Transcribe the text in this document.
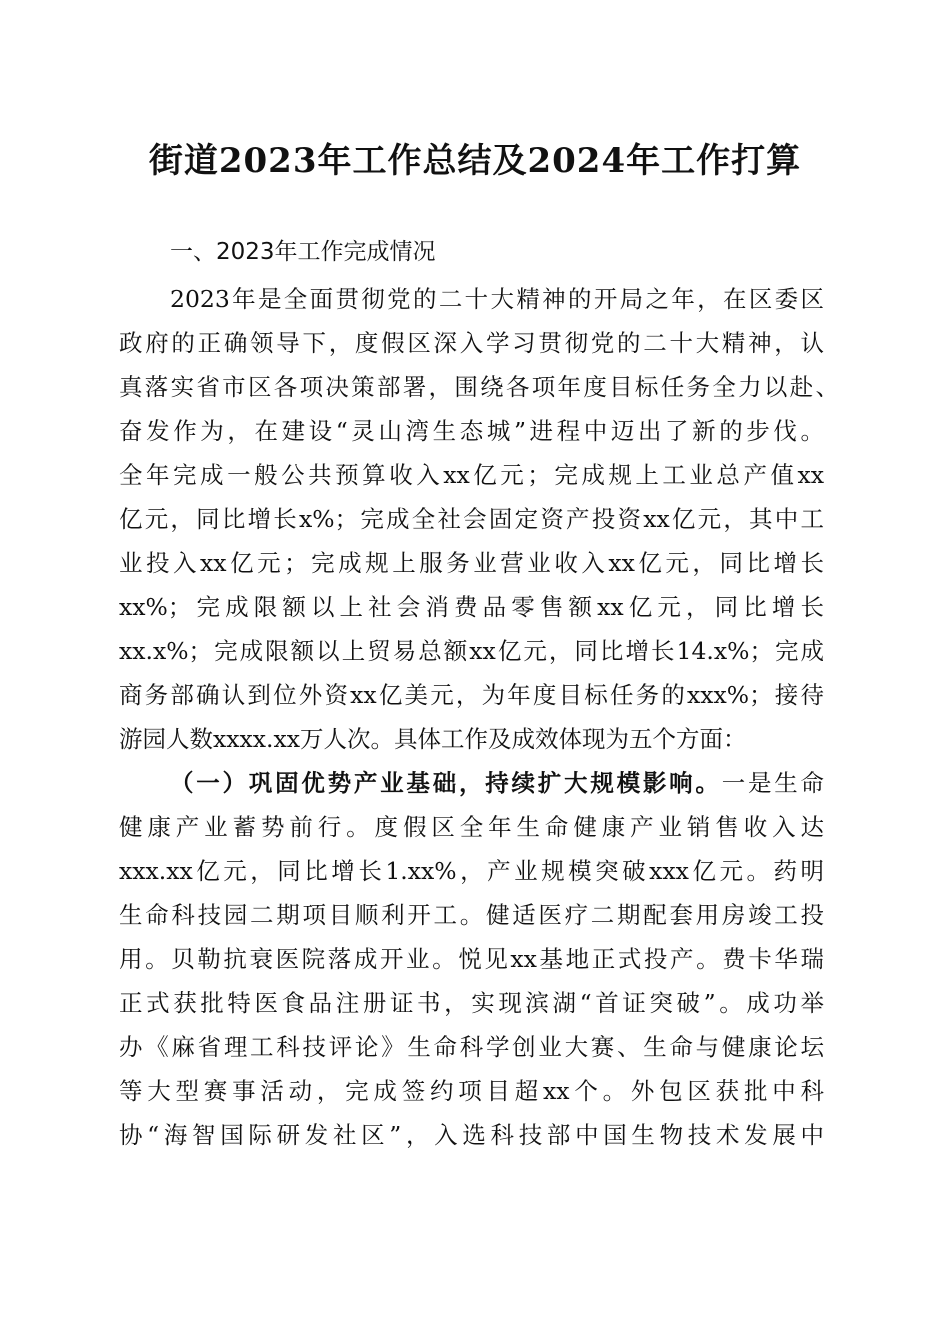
街道2023年工作总结及2024年工作打算
一、2023年工作完成情况
2023年是全面贯彻党的二十大精神的开局之年，在区委区
政府的正确领导下，度假区深入学习贯彻党的二十大精神，认
真落实省市区各项决策部署，围绕各项年度目标任务全力以赴、
奋发作为，在建设“灵山湾生态城”进程中迈出了新的步伐。
全年完成一般公共预算收入xx亿元；完成规上工业总产值xx
亿元，同比增长x%；完成全社会固定资产投资xx亿元，其中工
业投入xx亿元；完成规上服务业营业收入xx亿元，同比增长
xx%；完成限额以上社会消费品零售额xx亿元，同比增长
xx.x%；完成限额以上贸易总额xx亿元，同比增长14.x%；完成
商务部确认到位外资xx亿美元，为年度目标任务的xxx%；接待
游园人数xxxx.xx万人次。具体工作及成效体现为五个方面：
（一）巩固优势产业基础，持续扩大规模影响。一是生命
健康产业蓄势前行。度假区全年生命健康产业销售收入达
xxx.xx亿元，同比增长1.xx%，产业规模突破xxx亿元。药明
生命科技园二期项目顺利开工。健适医疗二期配套用房竣工投
用。贝勒抗衰医院落成开业。悦见xx基地正式投产。费卡华瑞
正式获批特医食品注册证书，实现滨湖“首证突破”。成功举
办《麻省理工科技评论》生命科学创业大赛、生命与健康论坛
等大型赛事活动，完成签约项目超xx个。外包区获批中科
协“海智国际研发社区”，入选科技部中国生物技术发展中
